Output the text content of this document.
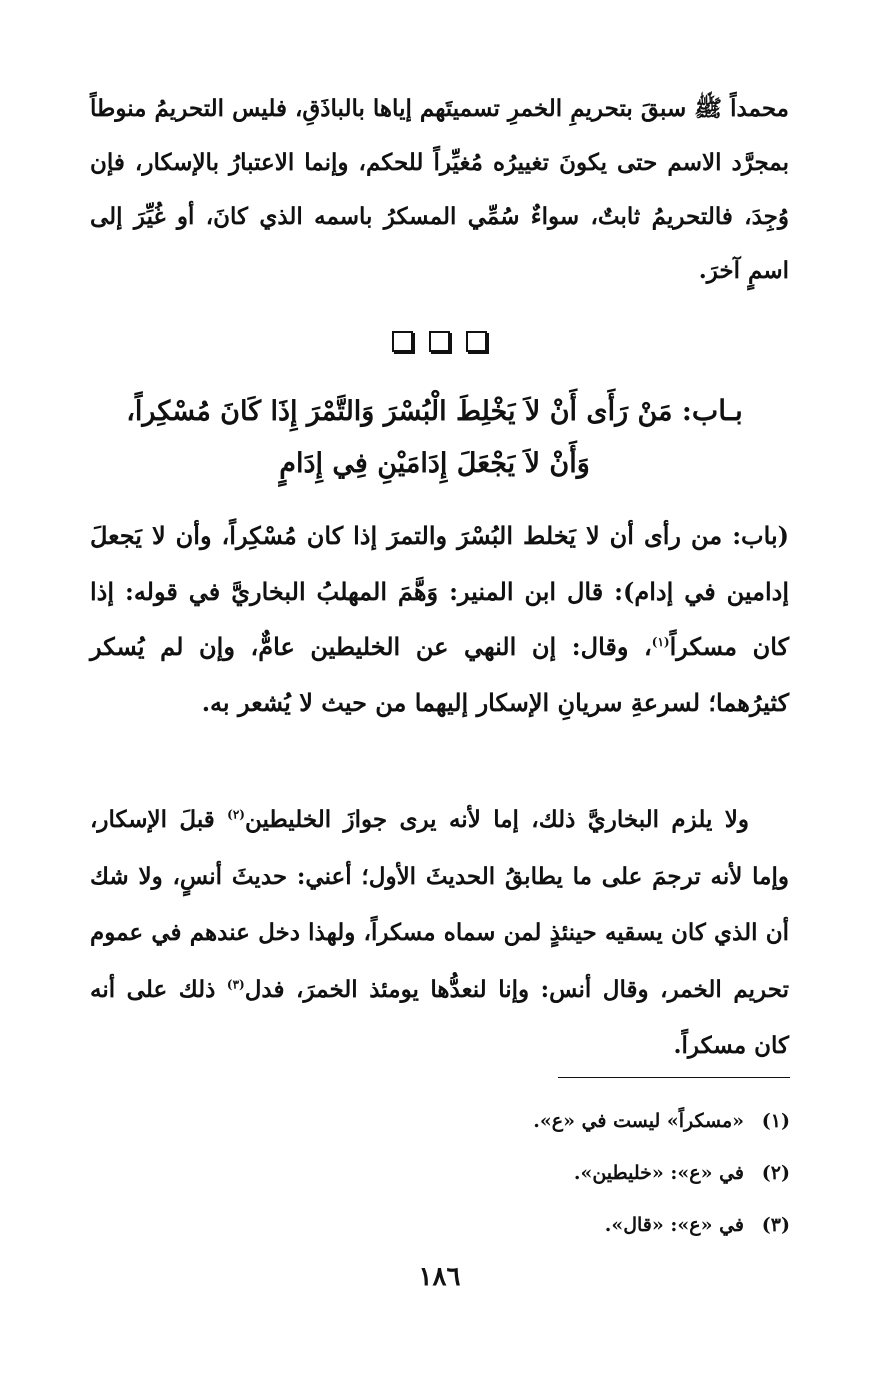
محمداً ﷺ سبقَ بتحريمِ الخمرِ تسميتَهم إياها بالباذَقِ، فليس التحريمُ منوطاً بمجرَّد الاسم حتى يكونَ تغييرُه مُغيِّراً للحكم، وإنما الاعتبارُ بالإسكار، فإن وُجِدَ، فالتحريمُ ثابتٌ، سواءٌ سُمِّي المسكرُ باسمه الذي كانَ، أو غُيِّرَ إلى اسمٍ آخرَ.

بـاب: مَنْ رَأَى أَنْ لاَ يَخْلِطَ الْبُسْرَ وَالتَّمْرَ إِذَا كَانَ مُسْكِراً،
وَأَنْ لاَ يَجْعَلَ إِدَامَيْنِ فِي إِدَامٍ

(باب: من رأى أن لا يَخلط البُسْرَ والتمرَ إذا كان مُسْكِراً، وأن لا يَجعلَ إدامين في إدام): قال ابن المنير: وَهَّمَ المهلبُ البخاريَّ في قوله: إذا كان مسكراً$^{(١)}$، وقال: إن النهي عن الخليطين عامٌّ، وإن لم يُسكر كثيرُهما؛ لسرعةِ سريانِ الإسكار إليهما من حيث لا يُشعر به.

ولا يلزم البخاريَّ ذلك، إما لأنه يرى جوازَ الخليطين$^{(٢)}$ قبلَ الإسكار، وإما لأنه ترجمَ على ما يطابقُ الحديثَ الأول؛ أعني: حديثَ أنسٍ، ولا شك أن الذي كان يسقيه حينئذٍ لمن سماه مسكراً، ولهذا دخل عندهم في عموم تحريم الخمر، وقال أنس: وإنا لنعدُّها يومئذ الخمرَ، فدل$^{(٣)}$ ذلك على أنه كان مسكراً.

(١)«مسكراً» ليست في «ع».
(٢)في «ع»: «خليطين».
(٣)في «ع»: «قال».
١٨٦
